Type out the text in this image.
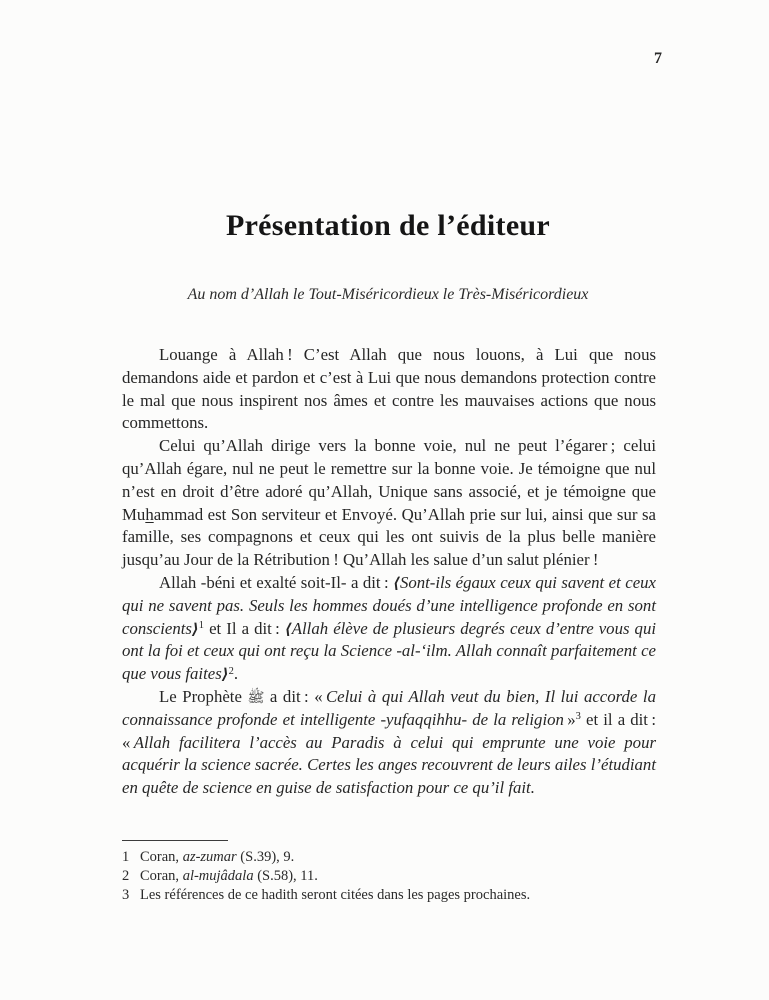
7
Présentation de l’éditeur
Au nom d’Allah le Tout-Miséricordieux le Très-Miséricordieux

Louange à Allah ! C’est Allah que nous louons, à Lui que nous demandons aide et pardon et c’est à Lui que nous demandons protection contre le mal que nous inspirent nos âmes et contre les mauvaises actions que nous commettons.

Celui qu’Allah dirige vers la bonne voie, nul ne peut l’égarer ; celui qu’Allah égare, nul ne peut le remettre sur la bonne voie. Je témoigne que nul n’est en droit d’être adoré qu’Allah, Unique sans associé, et je témoigne que Muhammad est Son serviteur et Envoyé. Qu’Allah prie sur lui, ainsi que sur sa famille, ses compagnons et ceux qui les ont suivis de la plus belle manière jusqu’au Jour de la Rétribution ! Qu’Allah les salue d’un salut plénier !

Allah -béni et exalté soit-Il- a dit : ⟨Sont-ils égaux ceux qui savent et ceux qui ne savent pas. Seuls les hommes doués d’une intelligence profonde en sont conscients⟩$^1$ et Il a dit : ⟨Allah élève de plusieurs degrés ceux d’entre vous qui ont la foi et ceux qui ont reçu la Science -al-‘ilm. Allah connaît parfaitement ce que vous faites⟩$^2$.

Le Prophète ﷺ a dit : « Celui à qui Allah veut du bien, Il lui accorde la connaissance profonde et intelligente -yufaqqihhu- de la religion »$^3$ et il a dit : « Allah facilitera l’accès au Paradis à celui qui emprunte une voie pour acquérir la science sacrée. Certes les anges recouvrent de leurs ailes l’étudiant en quête de science en guise de satisfaction pour ce qu’il fait.

1 Coran, az-zumar (S.39), 9.
2 Coran, al-mujâdala (S.58), 11.
3 Les références de ce hadith seront citées dans les pages prochaines.
